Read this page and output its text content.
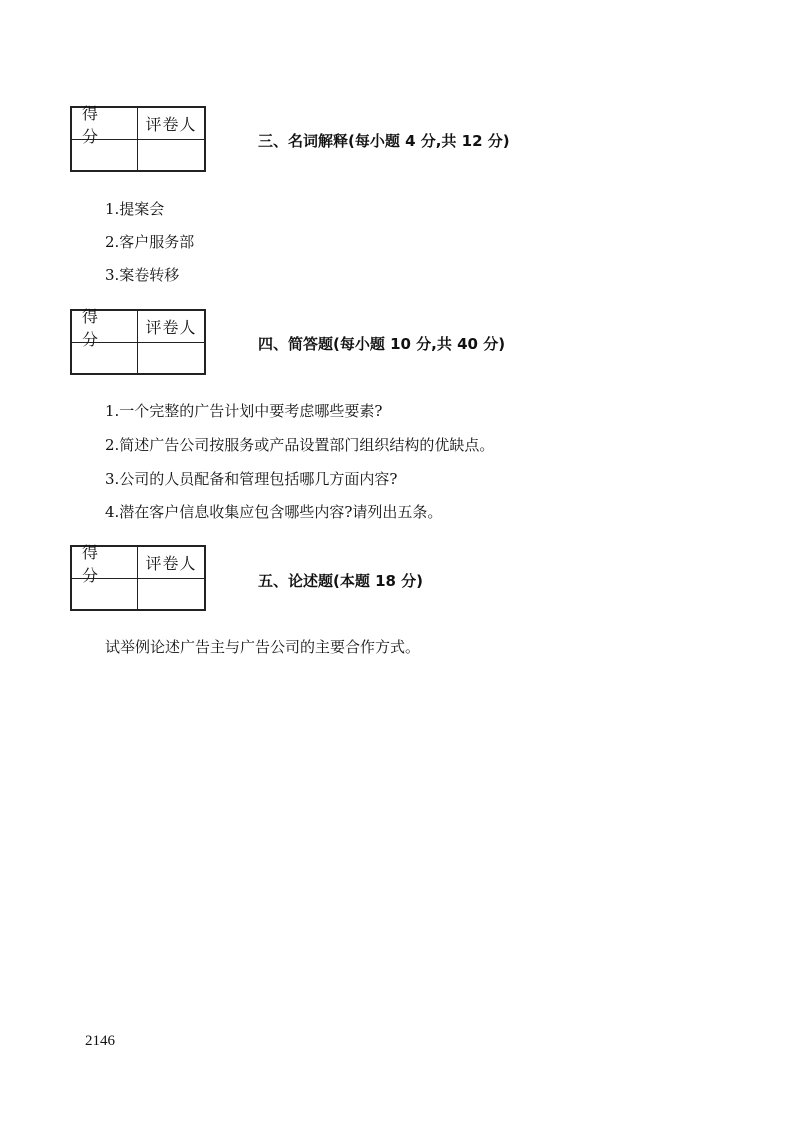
得 分
评卷人
三、名词解释(每小题 4 分,共 12 分)
1.提案会
2.客户服务部
3.案卷转移
得 分
评卷人
四、简答题(每小题 10 分,共 40 分)
1.一个完整的广告计划中要考虑哪些要素?
2.简述广告公司按服务或产品设置部门组织结构的优缺点。
3.公司的人员配备和管理包括哪几方面内容?
4.潜在客户信息收集应包含哪些内容?请列出五条。
得 分
评卷人
五、论述题(本题 18 分)
试举例论述广告主与广告公司的主要合作方式。
2146
